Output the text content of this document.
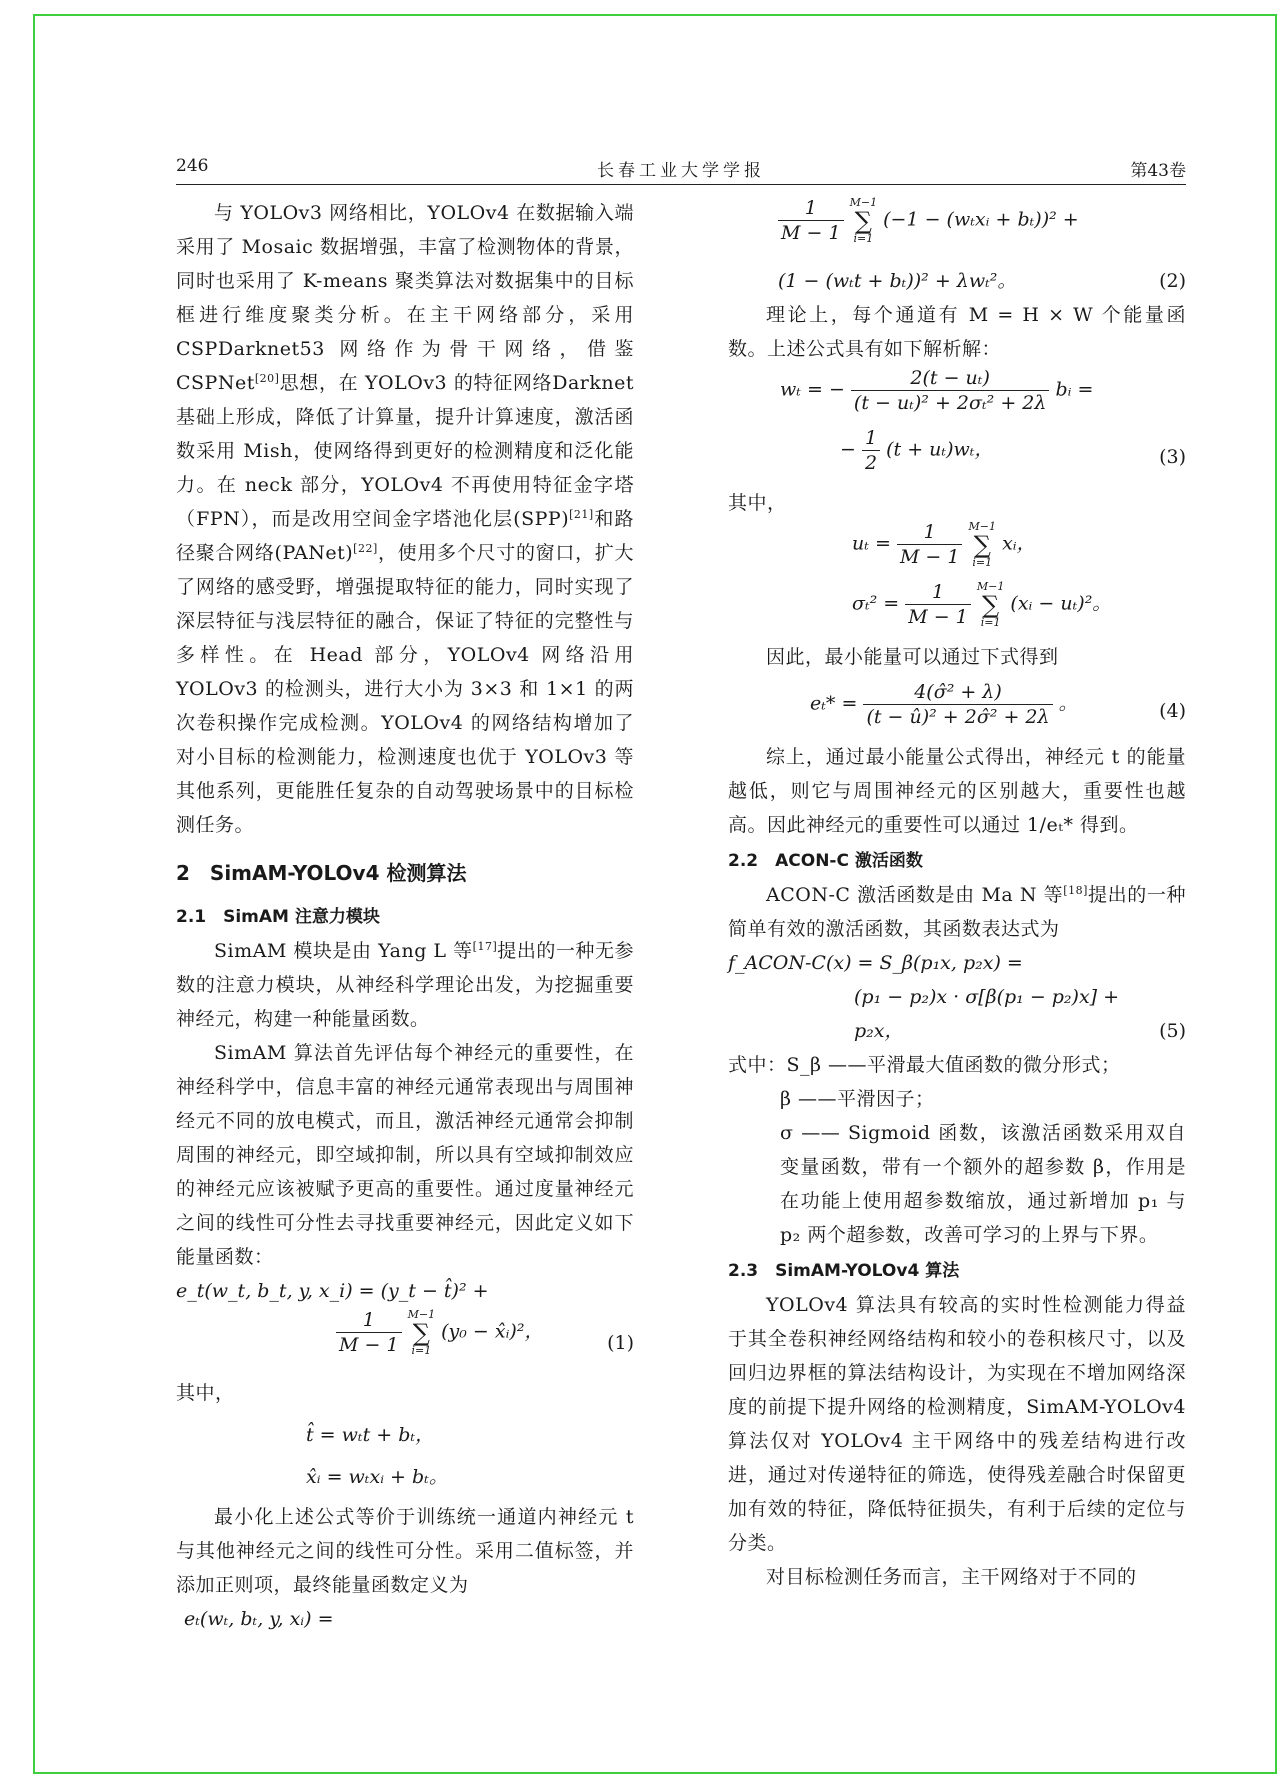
246	长春工业大学学报	第43卷

与 YOLOv3 网络相比，YOLOv4 在数据输入端采用了 Mosaic 数据增强，丰富了检测物体的背景，同时也采用了 K-means 聚类算法对数据集中的目标框进行维度聚类分析。在主干网络部分，采用 CSPDarknet53 网络作为骨干网络，借鉴 CSPNet[20]思想，在 YOLOv3 的特征网络Darknet 基础上形成，降低了计算量，提升计算速度，激活函数采用 Mish，使网络得到更好的检测精度和泛化能力。在 neck 部分，YOLOv4 不再使用特征金字塔（FPN），而是改用空间金字塔池化层(SPP)[21]和路径聚合网络(PANet)[22]，使用多个尺寸的窗口，扩大了网络的感受野，增强提取特征的能力，同时实现了深层特征与浅层特征的融合，保证了特征的完整性与多样性。在 Head 部分，YOLOv4 网络沿用 YOLOv3 的检测头，进行大小为 3×3 和 1×1 的两次卷积操作完成检测。YOLOv4 的网络结构增加了对小目标的检测能力，检测速度也优于 YOLOv3 等其他系列，更能胜任复杂的自动驾驶场景中的目标检测任务。

2　SimAM-YOLOv4 检测算法
2.1　SimAM 注意力模块

SimAM 模块是由 Yang L 等[17]提出的一种无参数的注意力模块，从神经科学理论出发，为挖掘重要神经元，构建一种能量函数。

SimAM 算法首先评估每个神经元的重要性，在神经科学中，信息丰富的神经元通常表现出与周围神经元不同的放电模式，而且，激活神经元通常会抑制周围的神经元，即空域抑制，所以具有空域抑制效应的神经元应该被赋予更高的重要性。通过度量神经元之间的线性可分性去寻找重要神经元，因此定义如下能量函数：

e_t(w_t, b_t, y, x_i) = (y_t − t̂)² +
$\frac{1}{M - 1} M-1$
∑
i=1 (y₀ − x̂ᵢ)²，
(1)

其中，

t̂ = wₜt + bₜ，
x̂ᵢ = wₜxᵢ + bₜ。

最小化上述公式等价于训练统一通道内神经元 t 与其他神经元之间的线性可分性。采用二值标签，并添加正则项，最终能量函数定义为

eₜ(wₜ, bₜ, y, xᵢ) =
$\frac{1}{M - 1} M-1$
∑
i=1 (−1 − (wₜxᵢ + bₜ))² +
(1 − (wₜt + bₜ))² + λwₜ²。	(2)

理论上，每个通道有 M = H × W 个能量函数。上述公式具有如下解析解：

wₜ = − $\frac{\text{2(t − uₜ)}}{\text{(t − uₜ)² + 2σₜ² + 2λ}}$ bᵢ =
− $\frac{1}{2} (t + u_t)w_t$，	(3)

其中，

$u_t = \frac{1}{M - 1} M-1$
∑
i=1 xᵢ，
$\sigma_t^2 = \frac{1}{M - 1} M-1$
∑
i=1 (xᵢ − uₜ)²。

因此，最小能量可以通过下式得到

$e_t* = \frac{\text{4(σ̂² + λ)}}{\text{(t − û)² + 2σ̂² + 2λ}}$ 。	(4)

综上，通过最小能量公式得出，神经元 t 的能量越低，则它与周围神经元的区别越大，重要性也越高。因此神经元的重要性可以通过 1/eₜ* 得到。

2.2　ACON-C 激活函数

ACON-C 激活函数是由 Ma N 等[18]提出的一种简单有效的激活函数，其函数表达式为

f_ACON-C(x) = S_β(p₁x, p₂x) =
(p₁ − p₂)x · σ[β(p₁ − p₂)x] +
p₂x，	(5)

式中：S_β ——平滑最大值函数的微分形式；

β ——平滑因子；

σ —— Sigmoid 函数，该激活函数采用双自变量函数，带有一个额外的超参数 β，作用是在功能上使用超参数缩放，通过新增加 p₁ 与 p₂ 两个超参数，改善可学习的上界与下界。

2.3　SimAM-YOLOv4 算法

YOLOv4 算法具有较高的实时性检测能力得益于其全卷积神经网络结构和较小的卷积核尺寸，以及回归边界框的算法结构设计，为实现在不增加网络深度的前提下提升网络的检测精度，SimAM-YOLOv4算法仅对 YOLOv4 主干网络中的残差结构进行改进，通过对传递特征的筛选，使得残差融合时保留更加有效的特征，降低特征损失，有利于后续的定位与分类。

对目标检测任务而言，主干网络对于不同的
